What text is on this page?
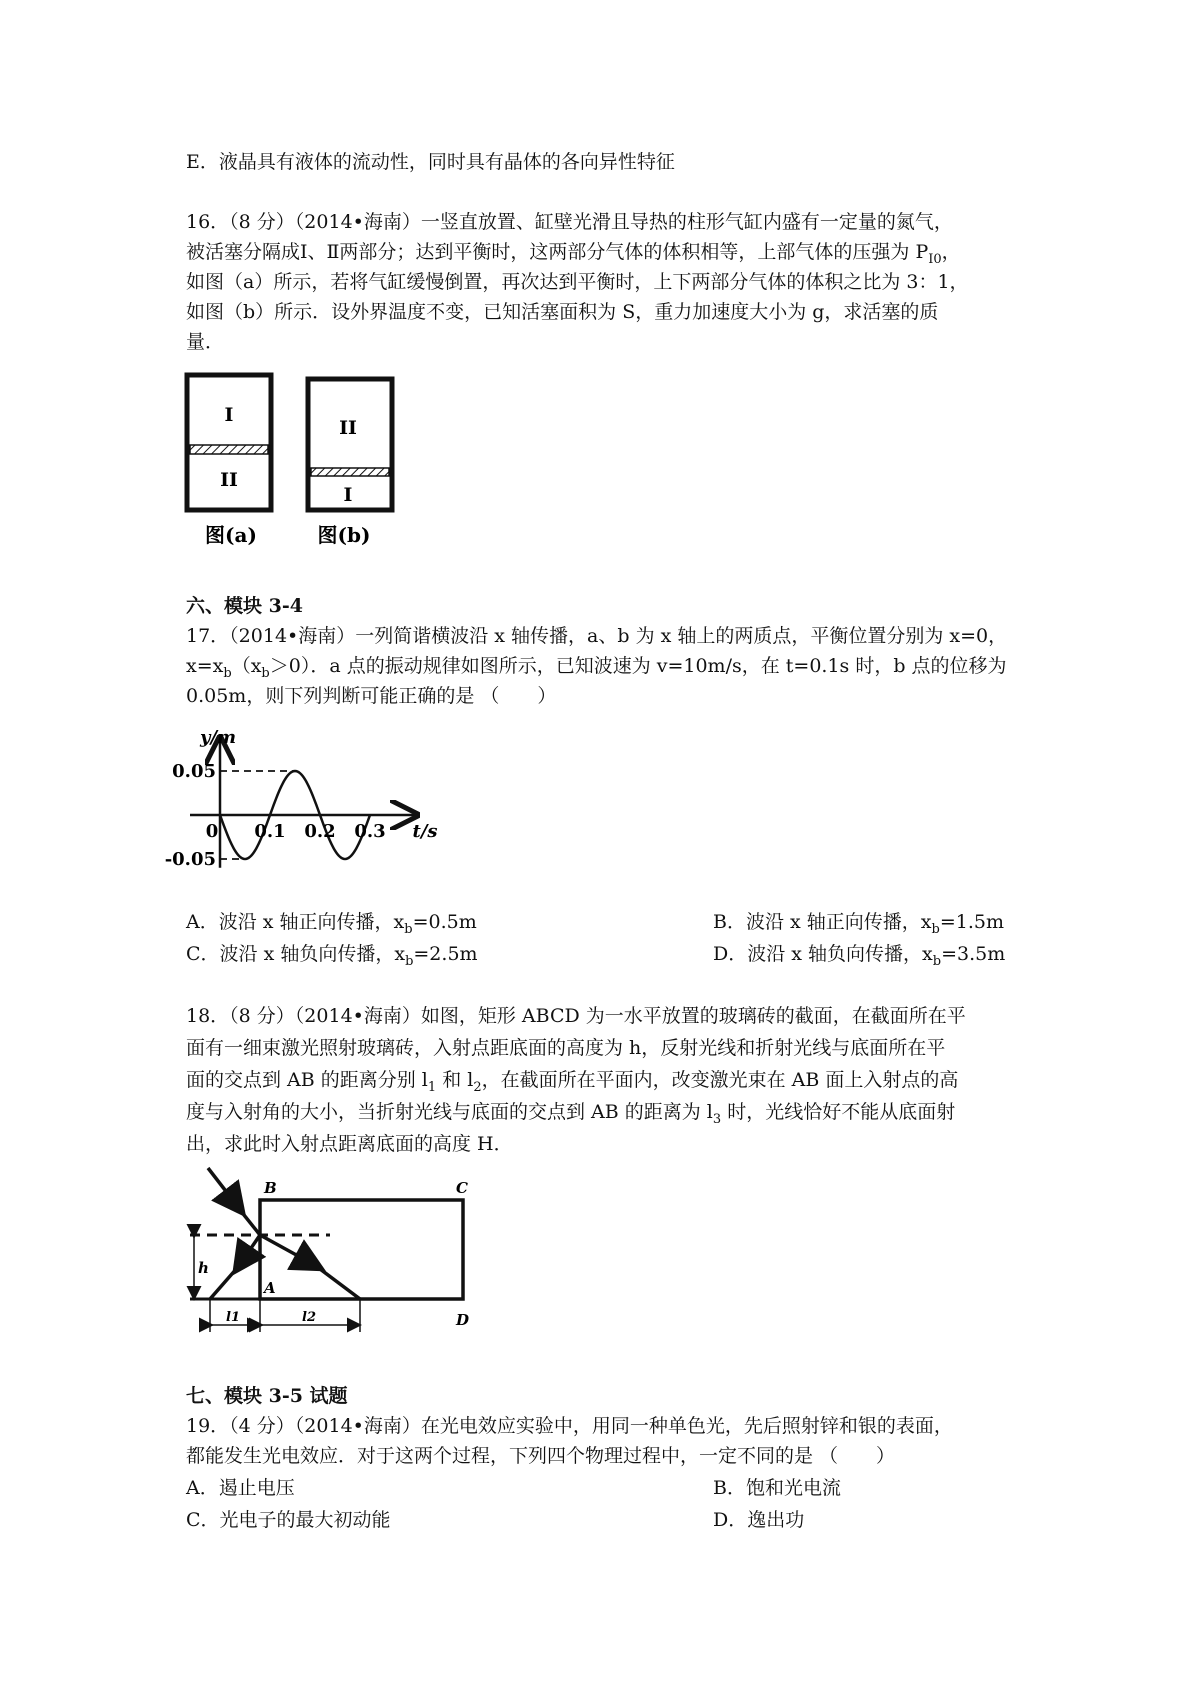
E．液晶具有液体的流动性，同时具有晶体的各向异性特征
16．（8 分）（2014•海南）一竖直放置、缸壁光滑且导热的柱形气缸内盛有一定量的氮气，
被活塞分隔成Ⅰ、Ⅱ两部分；达到平衡时，这两部分气体的体积相等，上部气体的压强为 $P_{Ⅰ0}$，
如图（a）所示，若将气缸缓慢倒置，再次达到平衡时，上下两部分气体的体积之比为 3：1，
如图（b）所示．设外界温度不变，已知活塞面积为 S，重力加速度大小为 g，求活塞的质
量．
I
II
图(a)
II
I
图(b)
六、模块 3-4
17．（2014•海南）一列简谐横波沿 x 轴传播，a、b 为 x 轴上的两质点，平衡位置分别为 x=0，
$x=x_b(x_b>0)$．a 点的振动规律如图所示，已知波速为 v=10m/s，在 t=0.1s 时，b 点的位移为
0.05m，则下列判断可能正确的是 （　　）
y/m
t/s
0.05
-0.05
0 0.1 0.2 0.3
A．波沿 x 轴正向传播，$x_b=0.5m$	B．波沿 x 轴正向传播，$x_b=1.5m$
C．波沿 x 轴负向传播，$x_b=2.5m$	D．波沿 x 轴负向传播，$x_b=3.5m$
18．（8 分）（2014•海南）如图，矩形 ABCD 为一水平放置的玻璃砖的截面，在截面所在平
面有一细束激光照射玻璃砖，入射点距底面的高度为 h，反射光线和折射光线与底面所在平
面的交点到 AB 的距离分别 $l_1$ 和 $l_2$，在截面所在平面内，改变激光束在 AB 面上入射点的高
度与入射角的大小，当折射光线与底面的交点到 AB 的距离为 $l_3$ 时，光线恰好不能从底面射
出，求此时入射点距离底面的高度 H．
B	C
A
D
h
l1	l2
七、模块 3-5 试题
19．（4 分）（2014•海南）在光电效应实验中，用同一种单色光，先后照射锌和银的表面，
都能发生光电效应．对于这两个过程，下列四个物理过程中，一定不同的是 （　　）
A．遏止电压	B．饱和光电流
C．光电子的最大初动能	D．逸出功
